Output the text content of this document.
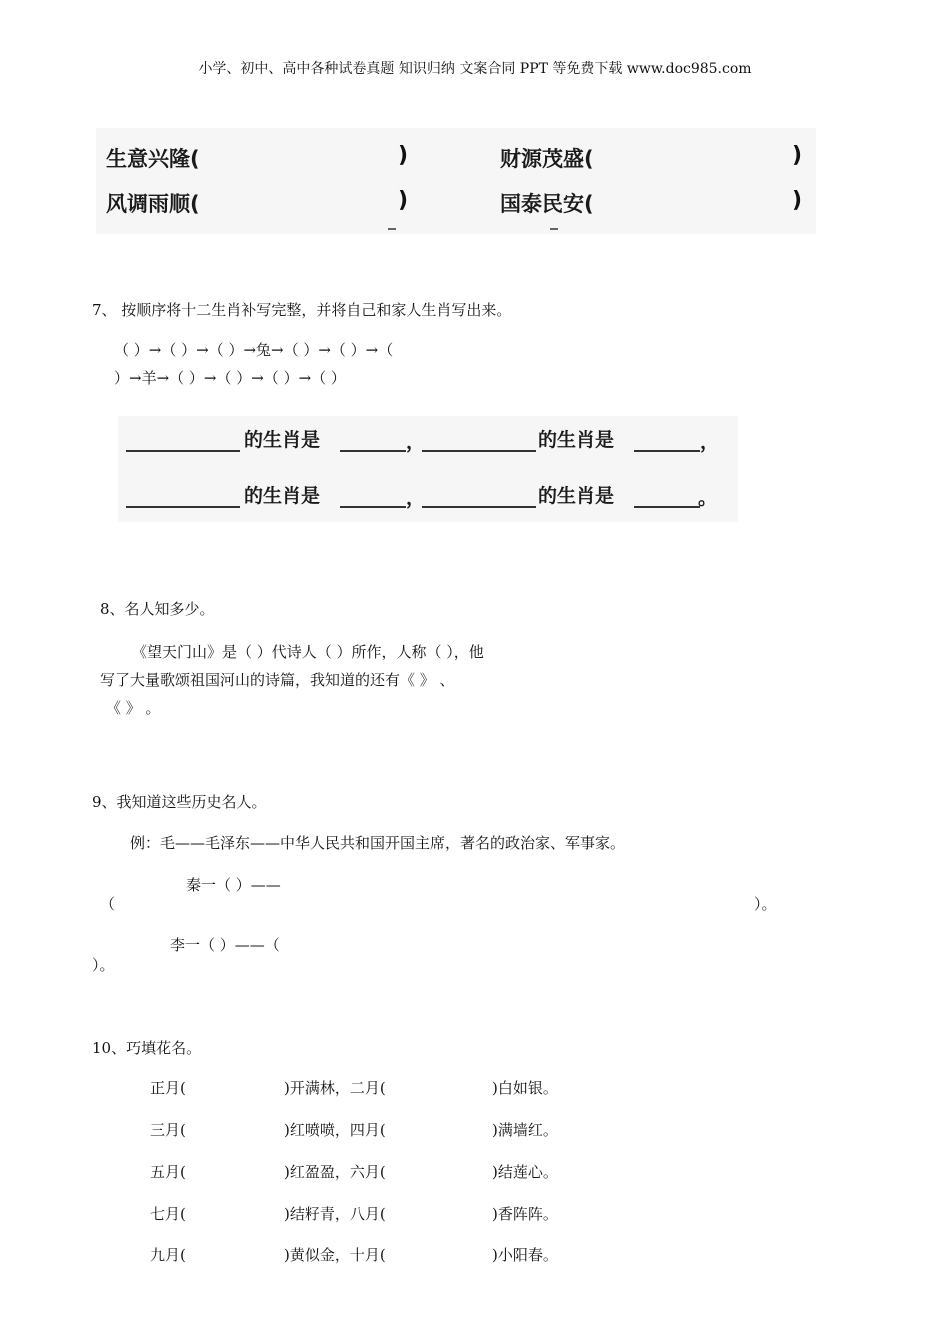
小学、初中、高中各种试卷真题 知识归纳 文案合同 PPT 等免费下载 www.doc985.com
生意兴隆(	)	财源茂盛(	)
风调雨顺(	)	国泰民安(	)
7、 按顺序将十二生肖补写完整，并将自己和家人生肖写出来。
（ ）→（ ）→（ ）→兔→（ ）→（ ）→（
）→羊→（ ）→（ ）→（ ）→（ ）
的生肖是	，	的生肖是	，
的生肖是	，	的生肖是	。
8、名人知多少。
《望天门山》是（ ）代诗人（ ）所作，人称（ ），他
写了大量歌颂祖国河山的诗篇，我知道的还有《 》 、
《 》 。
9、我知道这些历史名人。
例：毛——毛泽东——中华人民共和国开国主席，著名的政治家、军事家。
秦一（ ）——
（	）。
李一（ ）——（
）。
10、巧填花名。
正月(	)开满林，二月(	)白如银。
三月(	)红喷喷，四月(	)满墙红。
五月(	)红盈盈，六月(	)结莲心。
七月(	)结籽青，八月(	)香阵阵。
九月(	)黄似金，十月(	)小阳春。
